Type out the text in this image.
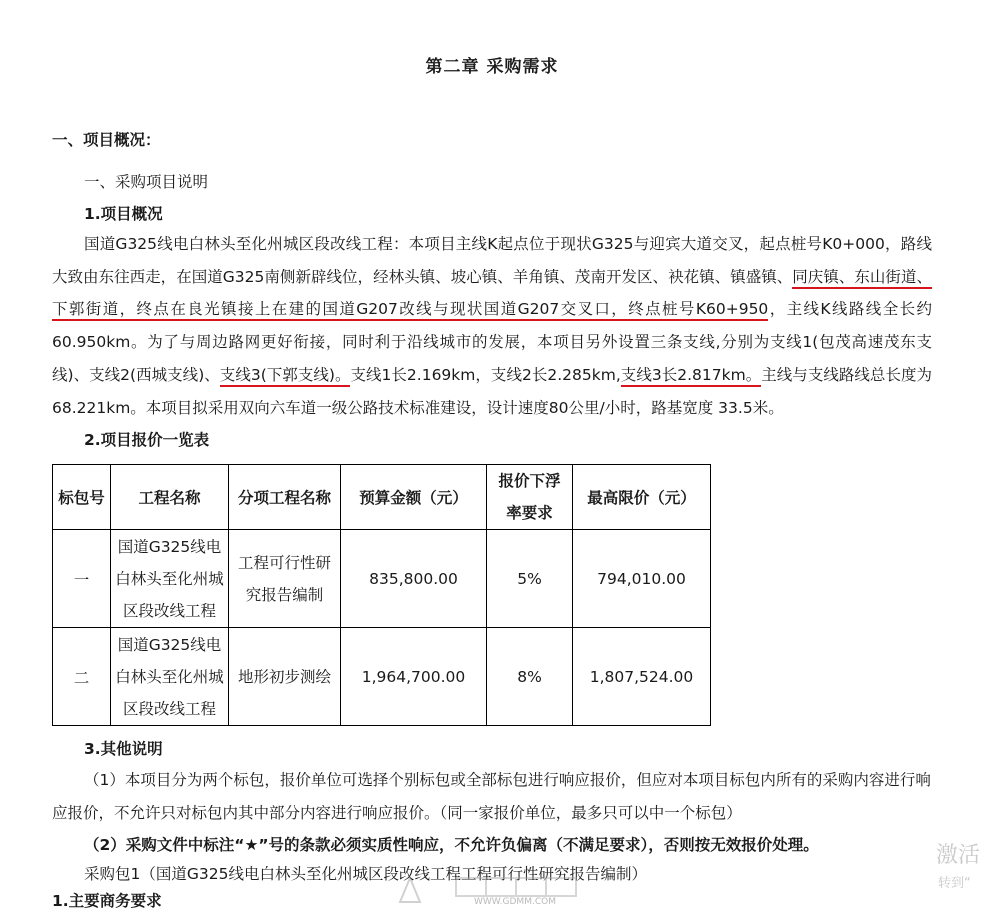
第二章 采购需求
一、项目概况：
一、采购项目说明
1.项目概况
国道G325线电白林头至化州城区段改线工程：本项目主线K起点位于现状G325与迎宾大道交叉，起点桩号K0+000，路线大致由东往西走，在国道G325南侧新辟线位，经林头镇、坡心镇、羊角镇、茂南开发区、袂花镇、镇盛镇、同庆镇、东山街道、下郭街道，终点在良光镇接上在建的国道G207改线与现状国道G207交叉口，终点桩号K60+950，主线K线路线全长约60.950km。为了与周边路网更好衔接，同时利于沿线城市的发展，本项目另外设置三条支线,分别为支线1(包茂高速茂东支线)、支线2(西城支线)、支线3(下郭支线)。支线1长2.169km，支线2长2.285km,支线3长2.817km。主线与支线路线总长度为68.221km。本项目拟采用双向六车道一级公路技术标准建设，设计速度80公里/小时，路基宽度 33.5米。
2.项目报价一览表
标包号	工程名称	分项工程名称	预算金额（元）	报价下浮率要求	最高限价（元）
一	国道G325线电白林头至化州城区段改线工程	工程可行性研究报告编制	835,800.00	5%	794,010.00
二	国道G325线电白林头至化州城区段改线工程	地形初步测绘	1,964,700.00	8%	1,807,524.00
3.其他说明
（1）本项目分为两个标包，报价单位可选择个别标包或全部标包进行响应报价，但应对本项目标包内所有的采购内容进行响应报价，不允许只对标包内其中部分内容进行响应报价。（同一家报价单位，最多只可以中一个标包）
（2）采购文件中标注“★”号的条款必须实质性响应，不允许负偏离（不满足要求），否则按无效报价处理。
采购包1（国道G325线电白林头至化州城区段改线工程工程可行性研究报告编制）
1.主要商务要求	WWW.GDMM.COM
激活
转到“
